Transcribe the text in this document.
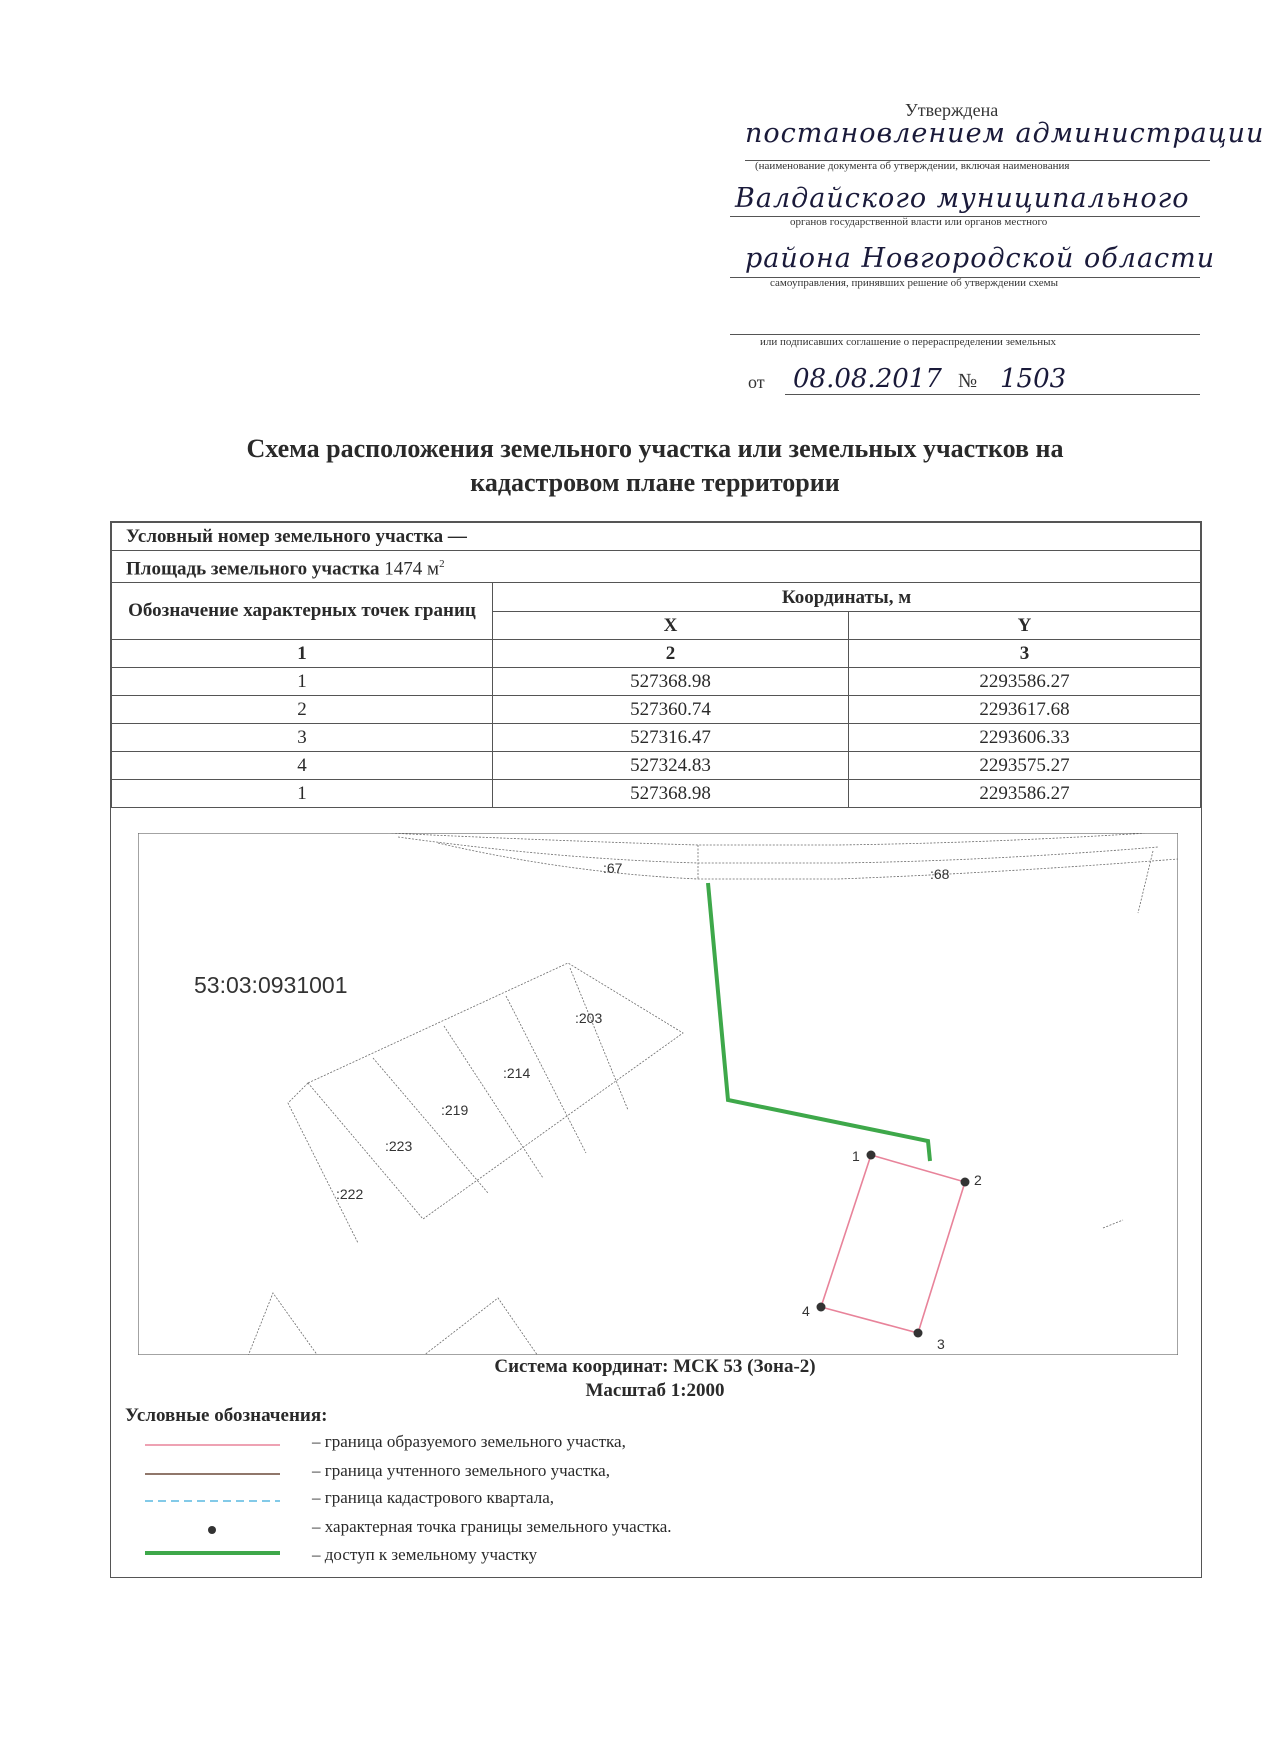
Утверждена
постановлением администрации
(наименование документа об утверждении, включая наименования
Валдайского муниципального
органов государственной власти или органов местного
района Новгородской области
самоуправления, принявших решение об утверждении схемы
или подписавших соглашение о перераспределении земельных
от 08.08.2017 № 1503
Схема расположения земельного участка или земельных участков на
кадастровом плане территории
Условный номер земельного участка —		
Площадь земельного участка 1474 $м^2$
Обозначение характерных точек границ	Координаты, м	
	X	Y
1	2	3
1	527368.98	2293586.27
2	527360.74	2293617.68
3	527316.47	2293606.33
4	527324.83	2293575.27
1	527368.98	2293586.27
53:03:0931001
:67	:68
:203
:214
:219
:223
:222
1
2
3
4
Система координат: МСК 53 (Зона-2)
Масштаб 1:2000
Условные обозначения:
– граница образуемого земельного участка,
– граница учтенного земельного участка,
– граница кадастрового квартала,
– характерная точка границы земельного участка.
– доступ к земельному участку
